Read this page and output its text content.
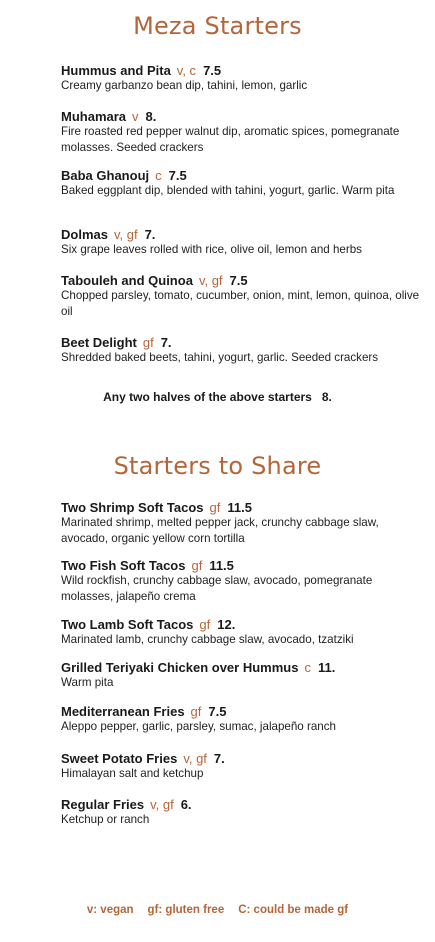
Meza Starters
Hummus and Pita v, c 7.5
Creamy garbanzo bean dip, tahini, lemon, garlic
Muhamara v 8.
Fire roasted red pepper walnut dip, aromatic spices, pomegranate molasses. Seeded crackers
Baba Ghanouj c 7.5
Baked eggplant dip, blended with tahini, yogurt, garlic. Warm pita
Dolmas v, gf 7.
Six grape leaves rolled with rice, olive oil, lemon and herbs
Tabouleh and Quinoa v, gf 7.5
Chopped parsley, tomato, cucumber, onion, mint, lemon, quinoa, olive oil
Beet Delight gf 7.
Shredded baked beets, tahini, yogurt, garlic. Seeded crackers
Any two halves of the above starters 8.
Starters to Share
Two Shrimp Soft Tacos gf 11.5
Marinated shrimp, melted pepper jack, crunchy cabbage slaw, avocado, organic yellow corn tortilla
Two Fish Soft Tacos gf 11.5
Wild rockfish, crunchy cabbage slaw, avocado, pomegranate molasses, jalapeño crema
Two Lamb Soft Tacos gf 12.
Marinated lamb, crunchy cabbage slaw, avocado, tzatziki
Grilled Teriyaki Chicken over Hummus c 11.
Warm pita
Mediterranean Fries gf 7.5
Aleppo pepper, garlic, parsley, sumac, jalapeño ranch
Sweet Potato Fries v, gf 7.
Himalayan salt and ketchup
Regular Fries v, gf 6.
Ketchup or ranch
v: vegan gf: gluten free C: could be made gf
